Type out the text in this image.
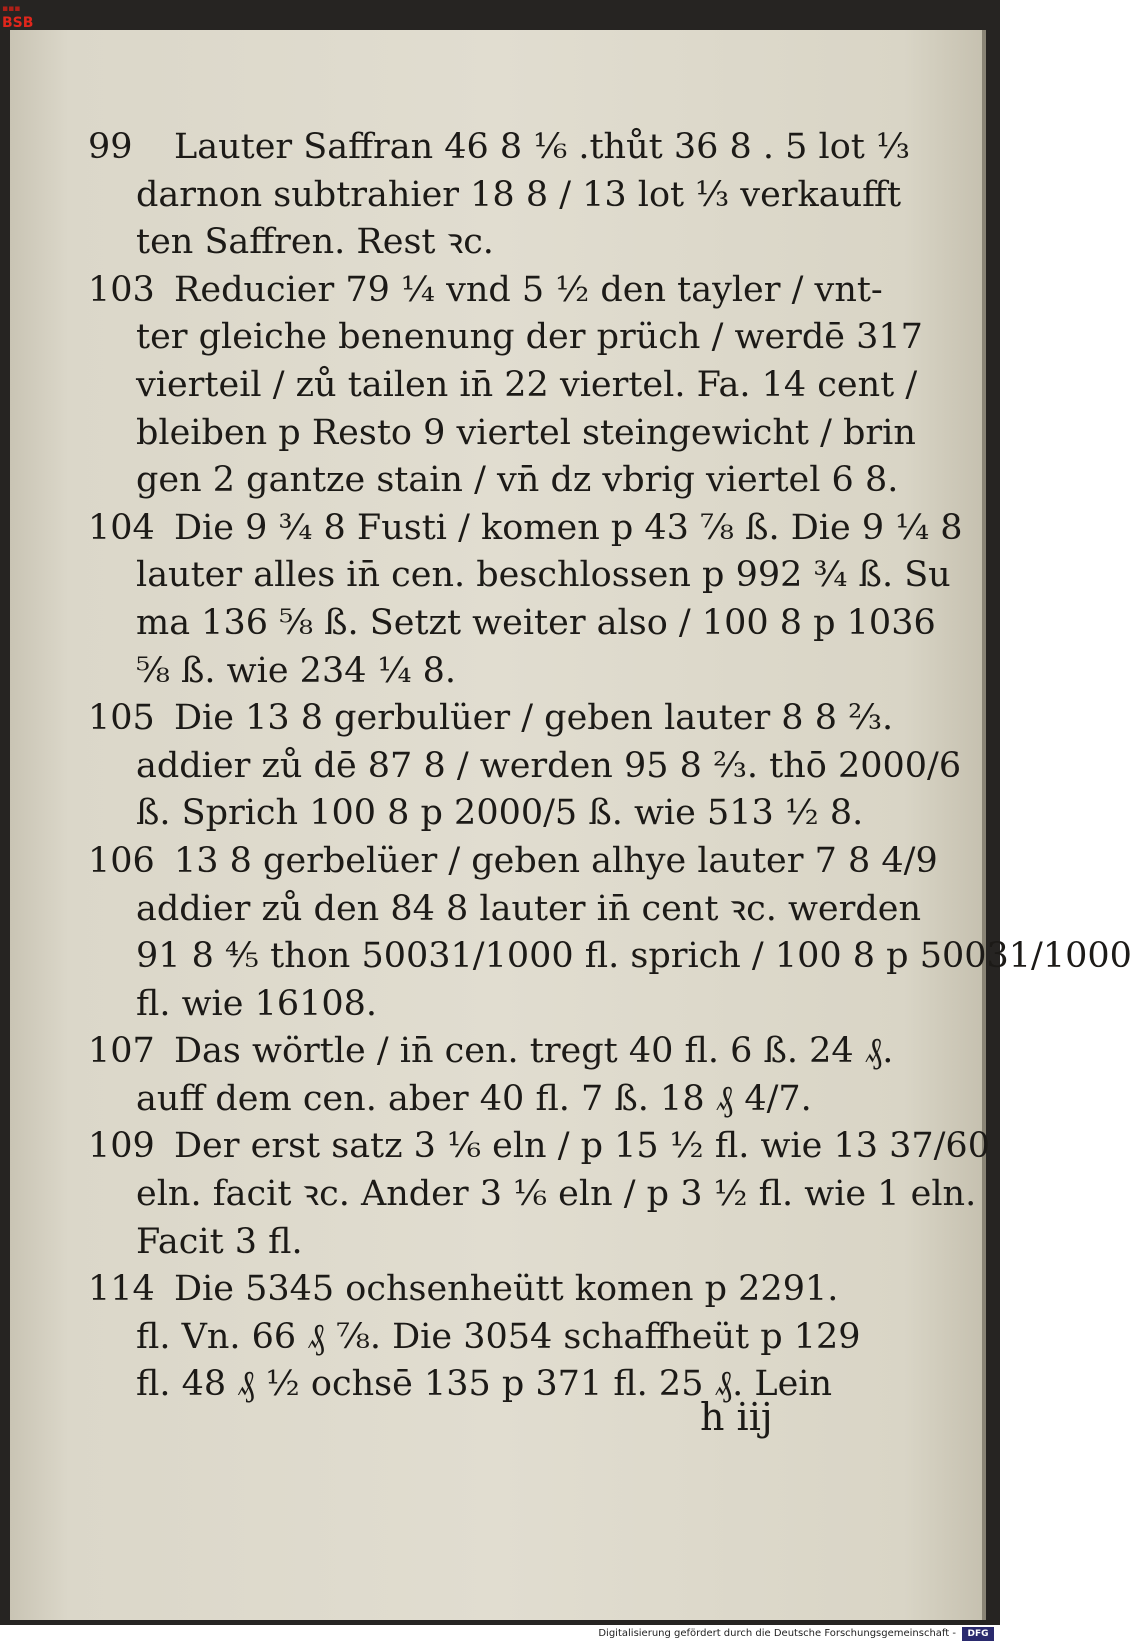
▪▪▪
BSB
99 Lauter Saffran 46 8 ⅙ .thůt 36 8 . 5 lot ⅓
darnon subtrahier 18 8 / 13 lot ⅓ verkaufft
ten Saffren. Rest ꝛc.
103 Reducier 79 ¼ vnd 5 ½ den tayler / vnt-
ter gleiche benenung der prüch / werdē 317
vierteil / zů tailen in̄ 22 viertel. Fa. 14 cent /
bleiben p Resto 9 viertel steingewicht / brin
gen 2 gantze stain / vn̄ dz vbrig viertel 6 8.
104 Die 9 ¾ 8 Fusti / komen p 43 ⅞ ß. Die 9 ¼ 8
lauter alles in̄ cen. beschlossen p 992 ¾ ß. Su
ma 136 ⅝ ß. Setzt weiter also / 100 8 p 1036
⅝ ß. wie 234 ¼ 8.
105 Die 13 8 gerbulüer / geben lauter 8 8 ⅔.
addier zů dē 87 8 / werden 95 8 ⅔. thō 2000/6
ß. Sprich 100 8 p 2000/5 ß. wie 513 ½ 8.
106 13 8 gerbelüer / geben alhye lauter 7 8 4/9
addier zů den 84 8 lauter in̄ cent ꝛc. werden
91 8 ⅘ thon 50031/1000 fl. sprich / 100 8 p 50031/1000
fl. wie 16108.
107 Das wörtle / in̄ cen. tregt 40 fl. 6 ß. 24 ₰.
auff dem cen. aber 40 fl. 7 ß. 18 ₰ 4/7.
109 Der erst satz 3 ⅙ eln / p 15 ½ fl. wie 13 37/60
eln. facit ꝛc. Ander 3 ⅙ eln / p 3 ½ fl. wie 1 eln.
Facit 3 fl.
114 Die 5345 ochsenheütt komen p 2291.
fl. Vn. 66 ₰ ⅞. Die 3054 schaffheüt p 129
fl. 48 ₰ ½ ochsē 135 p 371 fl. 25 ₰. Lein
h iij
Digitalisierung gefördert durch die Deutsche Forschungsgemeinschaft -	DFG
